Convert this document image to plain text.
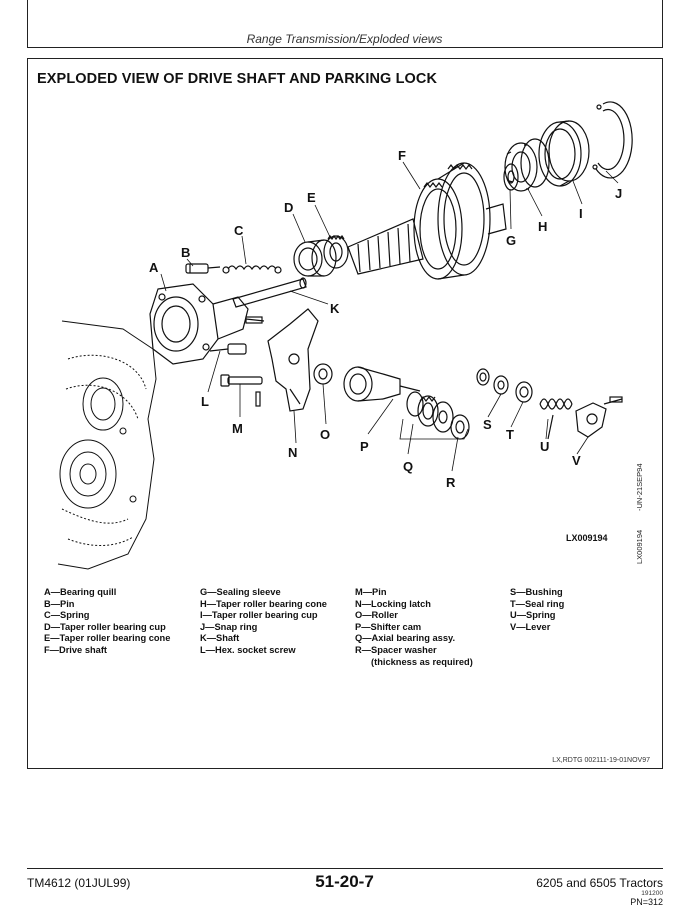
Range Transmission/Exploded views
EXPLODED VIEW OF DRIVE SHAFT AND PARKING LOCK
A
B
C
D
E
F
G
H
I
J
K
L
M
N
O
P
Q
R
S
T
U
V
LX009194
-UN-21SEP94
LX009194
A—Bearing quill
B—Pin
C—Spring
D—Taper roller bearing cup
E—Taper roller bearing cone
F—Drive shaft
G—Sealing sleeve
H—Taper roller bearing cone
I—Taper roller bearing cup
J—Snap ring
K—Shaft
L—Hex. socket screw
M—Pin
N—Locking latch
O—Roller
P—Shifter cam
Q—Axial bearing assy.
R—Spacer washer
(thickness as required)
S—Bushing
T—Seal ring
U—Spring
V—Lever
LX,RDTG 002111-19-01NOV97
TM4612 (01JUL99)	51-20-7	6205 and 6505 Tractors
191200
PN=312
